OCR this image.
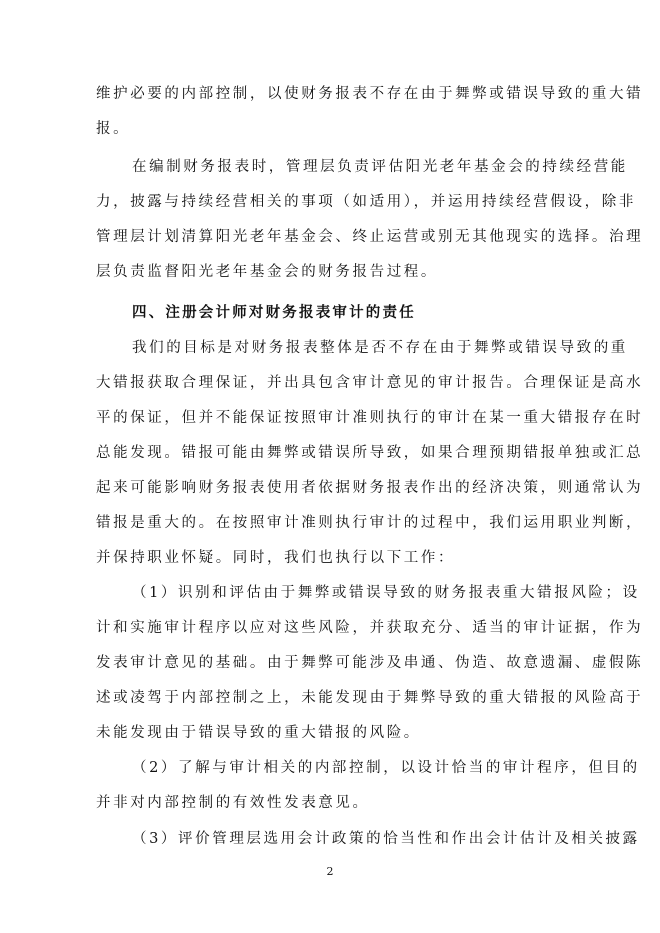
维护必要的内部控制，以使财务报表不存在由于舞弊或错误导致的重大错
报。
在编制财务报表时，管理层负责评估阳光老年基金会的持续经营能
力，披露与持续经营相关的事项（如适用），并运用持续经营假设，除非
管理层计划清算阳光老年基金会、终止运营或别无其他现实的选择。治理
层负责监督阳光老年基金会的财务报告过程。
四、注册会计师对财务报表审计的责任
我们的目标是对财务报表整体是否不存在由于舞弊或错误导致的重
大错报获取合理保证，并出具包含审计意见的审计报告。合理保证是高水
平的保证，但并不能保证按照审计准则执行的审计在某一重大错报存在时
总能发现。错报可能由舞弊或错误所导致，如果合理预期错报单独或汇总
起来可能影响财务报表使用者依据财务报表作出的经济决策，则通常认为
错报是重大的。在按照审计准则执行审计的过程中，我们运用职业判断，
并保持职业怀疑。同时，我们也执行以下工作：
（1）识别和评估由于舞弊或错误导致的财务报表重大错报风险；设
计和实施审计程序以应对这些风险，并获取充分、适当的审计证据，作为
发表审计意见的基础。由于舞弊可能涉及串通、伪造、故意遗漏、虚假陈
述或凌驾于内部控制之上，未能发现由于舞弊导致的重大错报的风险高于
未能发现由于错误导致的重大错报的风险。
（2）了解与审计相关的内部控制，以设计恰当的审计程序，但目的
并非对内部控制的有效性发表意见。
（3）评价管理层选用会计政策的恰当性和作出会计估计及相关披露
2
